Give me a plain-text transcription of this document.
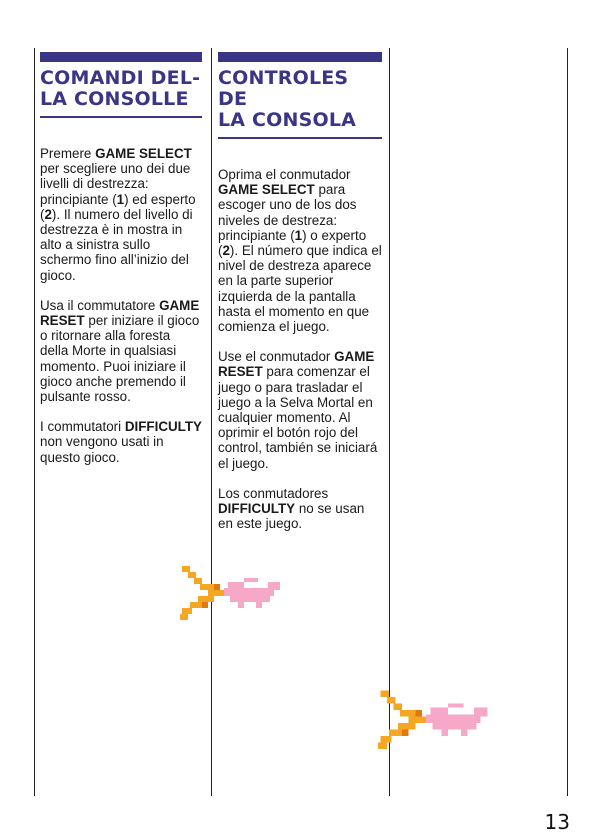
COMANDI DEL-
LA CONSOLLE

Premere GAME SELECT per scegliere uno dei due livelli di destrezza: principiante (1) ed esperto (2). Il numero del livello di destrezza è in mostra in alto a sinistra sullo schermo fino all’inizio del gioco.

Usa il commutatore GAME RESET per iniziare il gioco o ritornare alla foresta della Morte in qualsiasi momento. Puoi iniziare il gioco anche premendo il pulsante rosso.

I commutatori DIFFICULTY non vengono usati in questo gioco.

CONTROLES DE
LA CONSOLA

Oprima el conmutador GAME SELECT para escoger uno de los dos niveles de destreza: principiante (1) o experto (2). El número que indica el nivel de destreza aparece en la parte superior izquierda de la pantalla hasta el momento en que comienza el juego.

Use el conmutador GAME RESET para comenzar el juego o para trasladar el juego a la Selva Mortal en cualquier momento. Al oprimir el botón rojo del control, también se iniciará el juego.

Los conmutadores DIFFICULTY no se usan en este juego.

13
